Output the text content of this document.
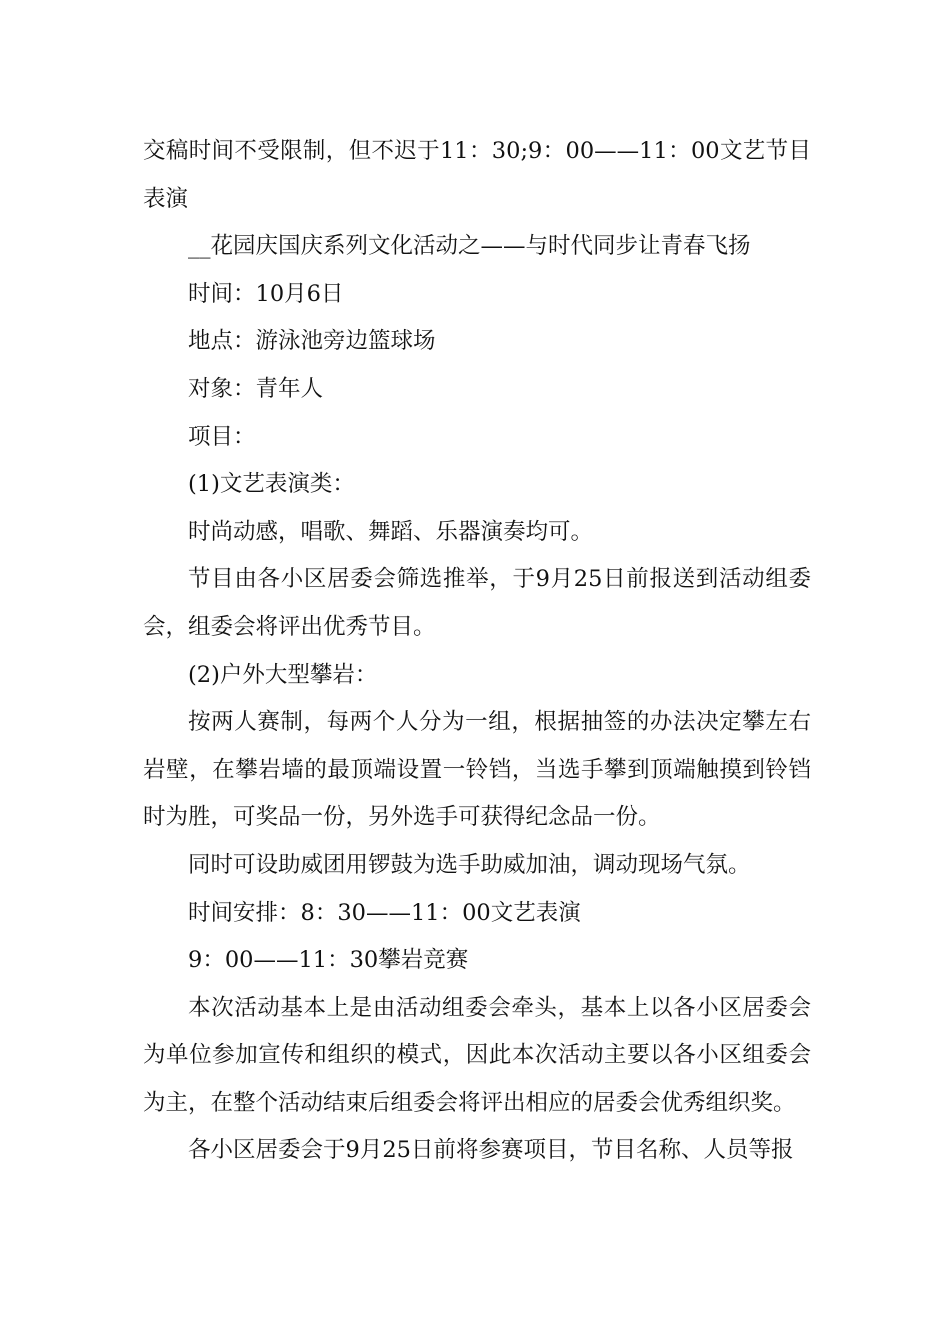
交稿时间不受限制，但不迟于11：30;9：00——11：00文艺节目表演

__花园庆国庆系列文化活动之——与时代同步让青春飞扬

时间：10月6日

地点：游泳池旁边篮球场

对象：青年人

项目：

(1)文艺表演类：

时尚动感，唱歌、舞蹈、乐器演奏均可。

节目由各小区居委会筛选推举，于9月25日前报送到活动组委会，组委会将评出优秀节目。

(2)户外大型攀岩：

按两人赛制，每两个人分为一组，根据抽签的办法决定攀左右岩壁，在攀岩墙的最顶端设置一铃铛，当选手攀到顶端触摸到铃铛时为胜，可奖品一份，另外选手可获得纪念品一份。

同时可设助威团用锣鼓为选手助威加油，调动现场气氛。

时间安排：8：30——11：00文艺表演

9：00——11：30攀岩竞赛

本次活动基本上是由活动组委会牵头，基本上以各小区居委会为单位参加宣传和组织的模式，因此本次活动主要以各小区组委会为主，在整个活动结束后组委会将评出相应的居委会优秀组织奖。

各小区居委会于9月25日前将参赛项目，节目名称、人员等报
